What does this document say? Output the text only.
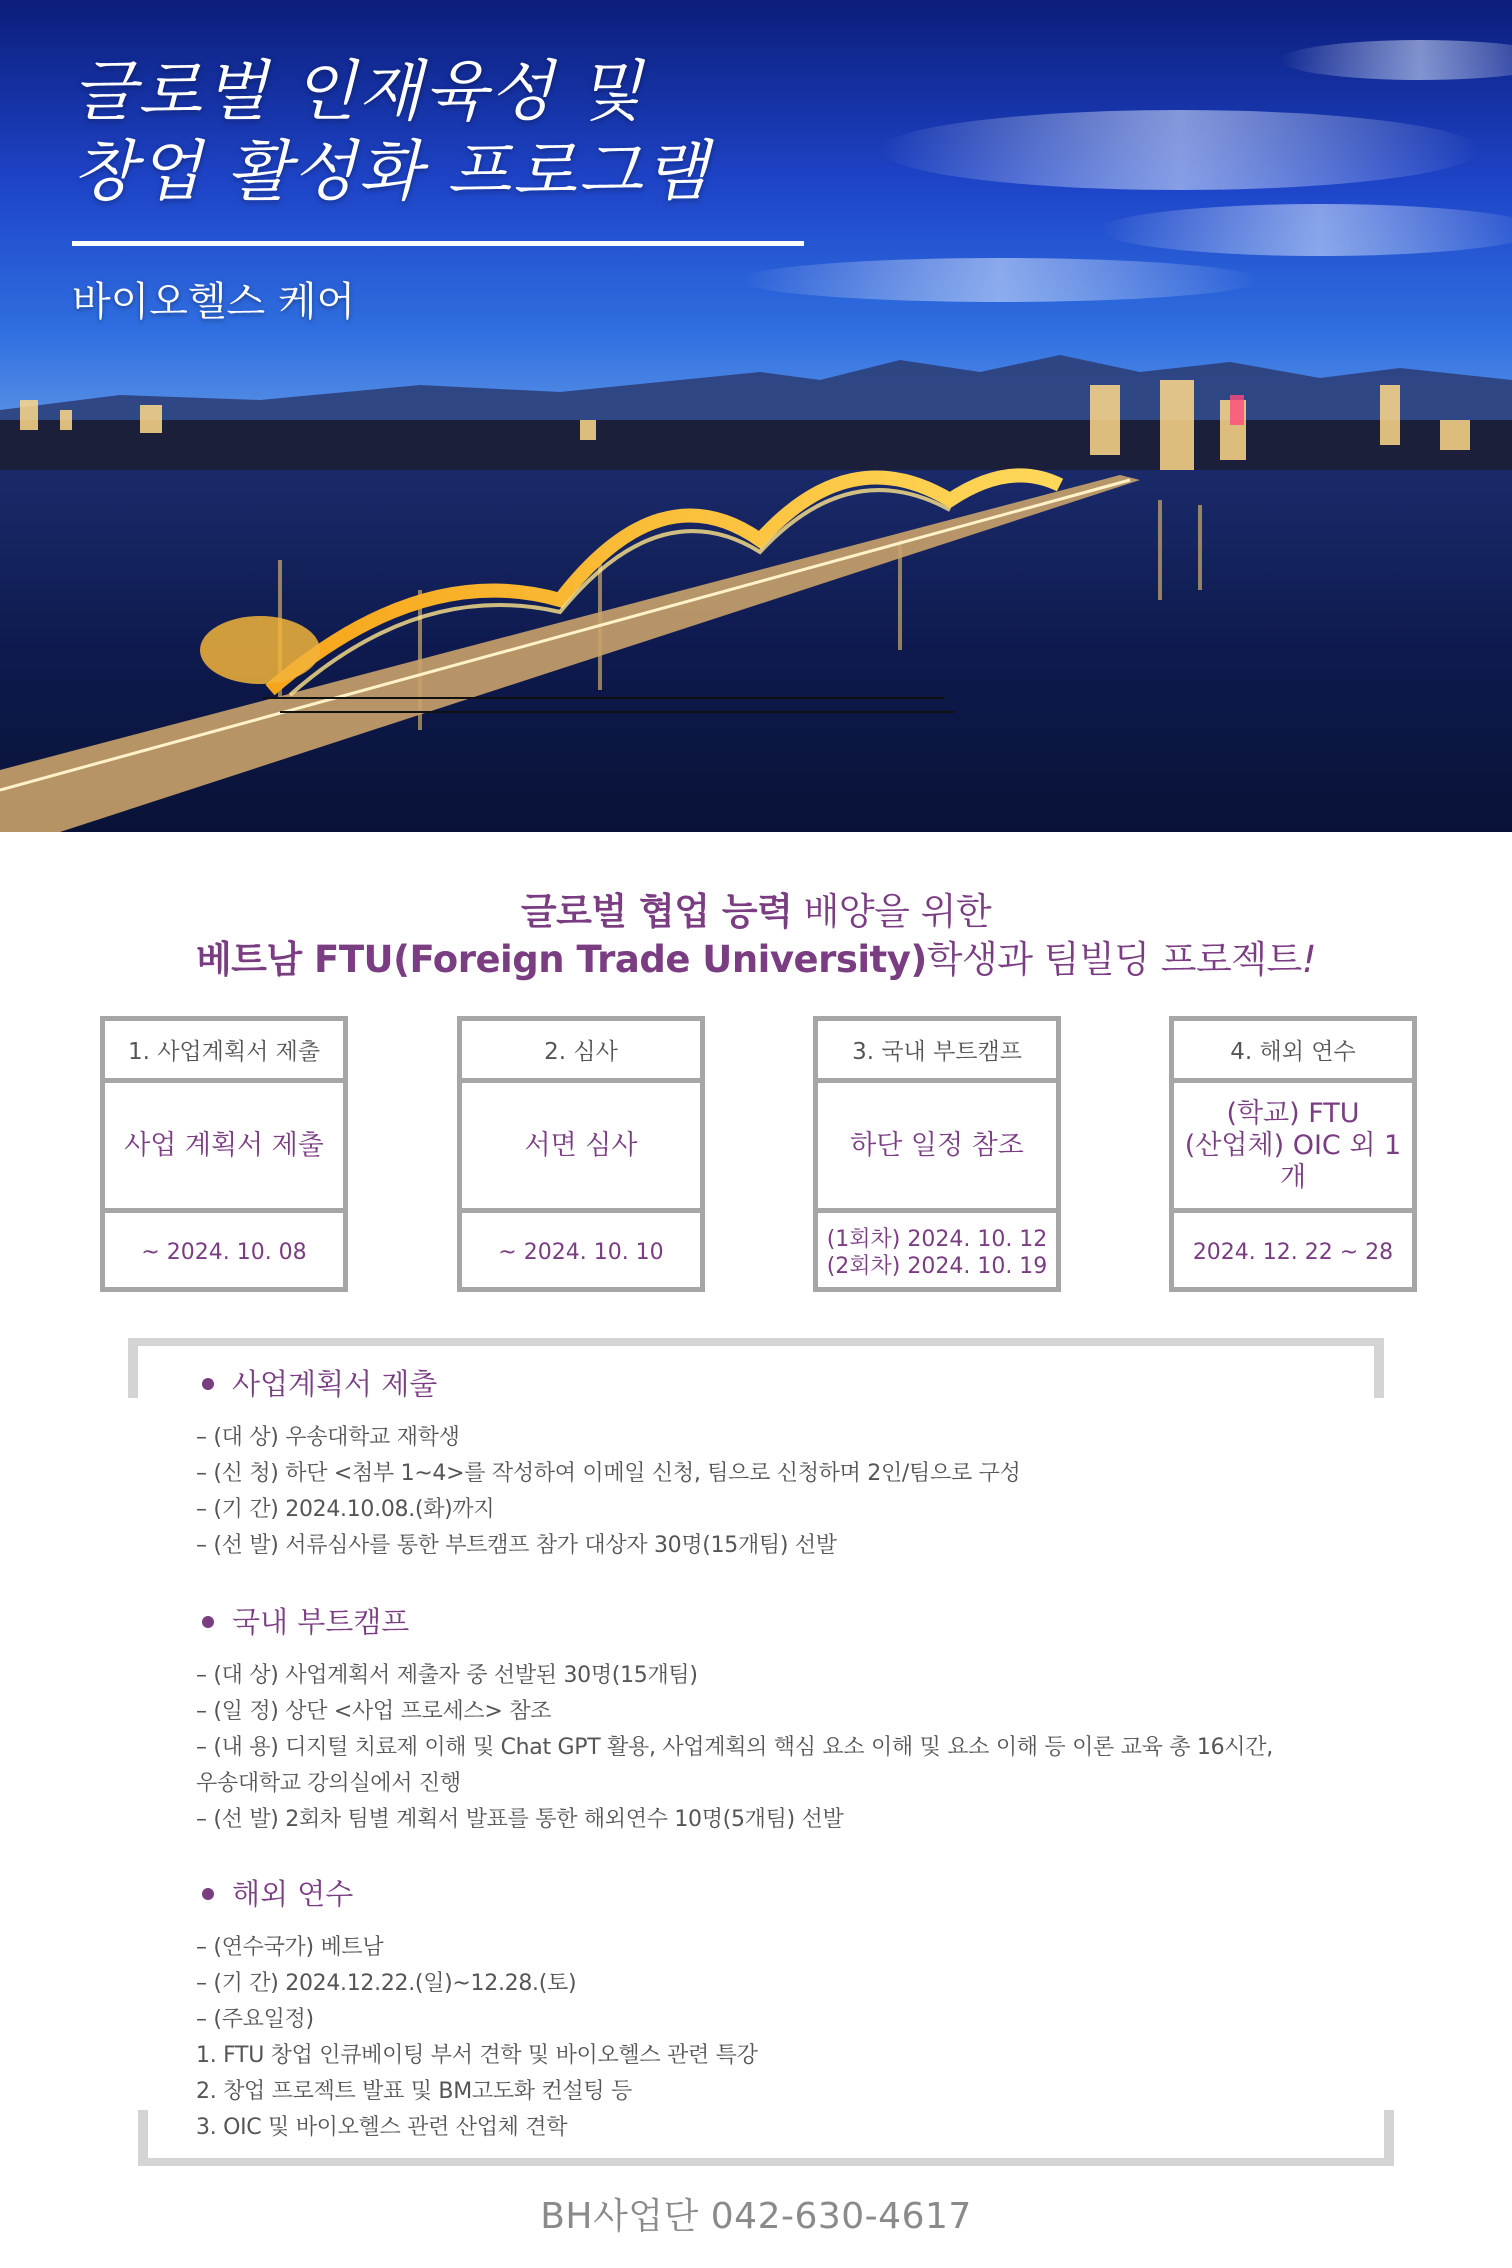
글로벌 인재육성 및
창업 활성화 프로그램
바이오헬스 케어
글로벌 협업 능력 배양을 위한
베트남 FTU(Foreign Trade University)학생과 팀빌딩 프로젝트!
1. 사업계획서 제출
사업 계획서 제출
~ 2024. 10. 08
2. 심사
서면 심사
~ 2024. 10. 10
3. 국내 부트캠프
하단 일정 참조
(1회차) 2024. 10. 12
(2회차) 2024. 10. 19
4. 해외 연수
(학교) FTU
(산업체) OIC 외 1개
2024. 12. 22 ~ 28
사업계획서 제출
– (대 상) 우송대학교 재학생
– (신 청) 하단 <첨부 1~4>를 작성하여 이메일 신청, 팀으로 신청하며 2인/팀으로 구성
– (기 간) 2024.10.08.(화)까지
– (선 발) 서류심사를 통한 부트캠프 참가 대상자 30명(15개팀) 선발
국내 부트캠프
– (대 상) 사업계획서 제출자 중 선발된 30명(15개팀)
– (일 정) 상단 <사업 프로세스> 참조
– (내 용) 디지털 치료제 이해 및 Chat GPT 활용, 사업계획의 핵심 요소 이해 및 요소 이해 등 이론 교육 총 16시간,
우송대학교 강의실에서 진행
– (선 발) 2회차 팀별 계획서 발표를 통한 해외연수 10명(5개팀) 선발
해외 연수
– (연수국가) 베트남
– (기 간) 2024.12.22.(일)~12.28.(토)
– (주요일정)
1. FTU 창업 인큐베이팅 부서 견학 및 바이오헬스 관련 특강
2. 창업 프로젝트 발표 및 BM고도화 컨설팅 등
3. OIC 및 바이오헬스 관련 산업체 견학
BH사업단 042-630-4617
